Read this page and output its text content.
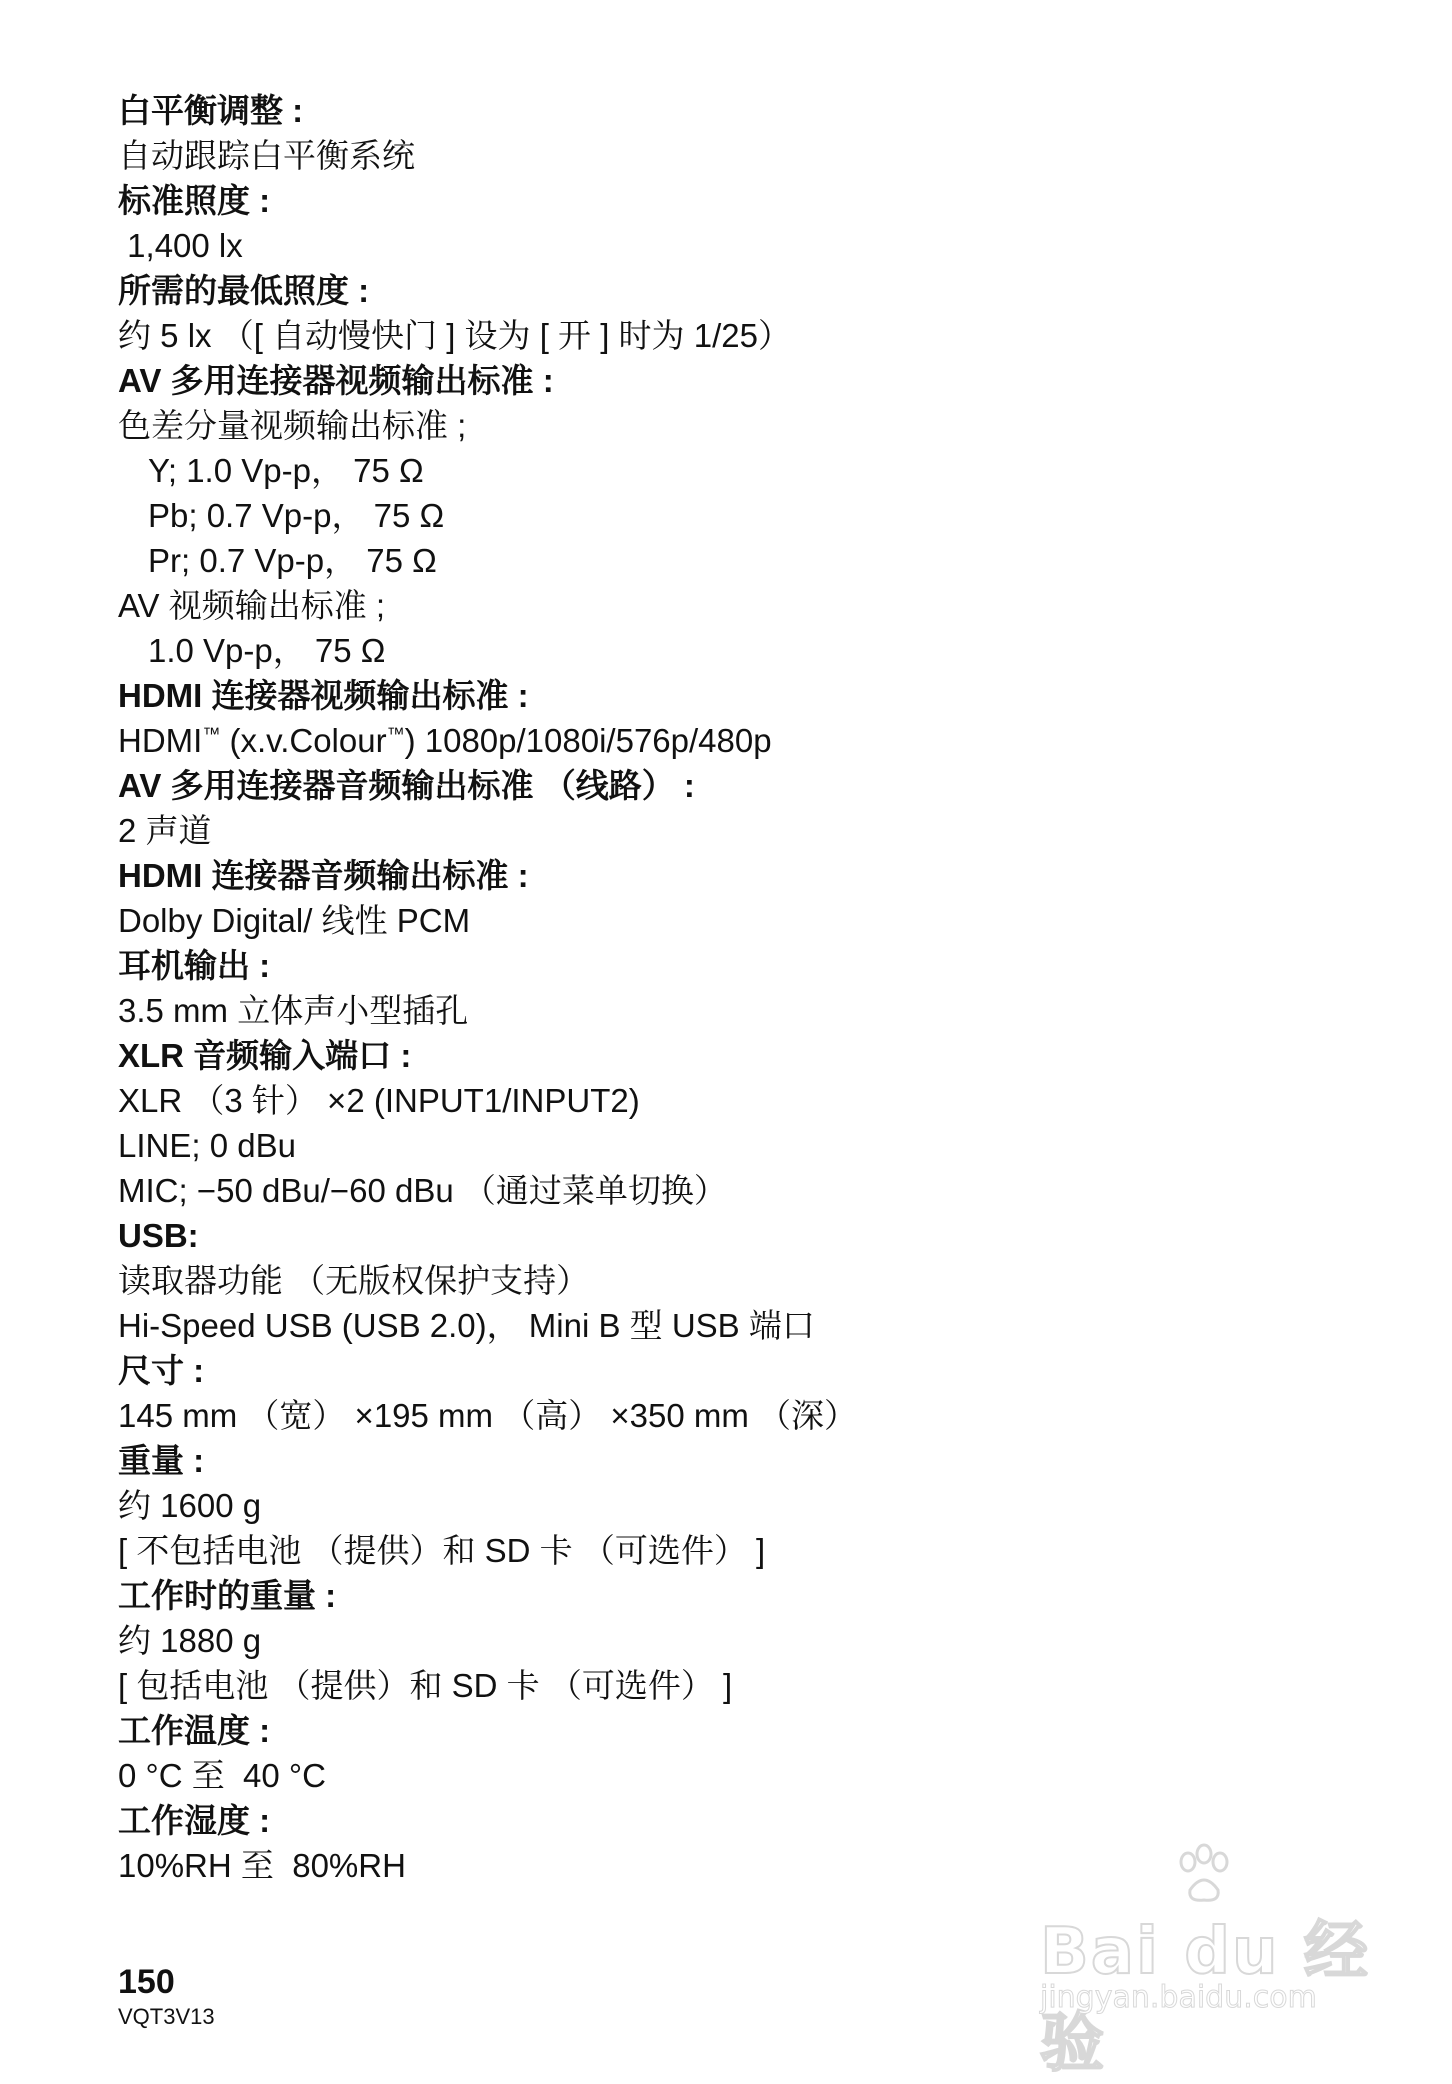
白平衡调整 :
自动跟踪白平衡系统
标准照度 :
1,400 lx
所需的最低照度 :
约 5 lx （[ 自动慢快门 ] 设为 [ 开 ] 时为 1/25）
AV 多用连接器视频输出标准 :
色差分量视频输出标准 ;
Y; 1.0 Vp-p， 75 Ω
Pb; 0.7 Vp-p， 75 Ω
Pr; 0.7 Vp-p， 75 Ω
AV 视频输出标准 ;
1.0 Vp-p， 75 Ω
HDMI 连接器视频输出标准 :
HDMI™ (x.v.Colour™) 1080p/1080i/576p/480p
AV 多用连接器音频输出标准 （线路） :
2 声道
HDMI 连接器音频输出标准 :
Dolby Digital/ 线性 PCM
耳机输出 :
3.5 mm 立体声小型插孔
XLR 音频输入端口 :
XLR （3 针） ×2 (INPUT1/INPUT2)
LINE; 0 dBu
MIC; −50 dBu/−60 dBu （通过菜单切换）
USB:
读取器功能 （无版权保护支持）
Hi-Speed USB (USB 2.0)， Mini B 型 USB 端口
尺寸 :
145 mm （宽） ×195 mm （高） ×350 mm （深）
重量 :
约 1600 g
[ 不包括电池 （提供）和 SD 卡 （可选件） ]
工作时的重量 :
约 1880 g
[ 包括电池 （提供）和 SD 卡 （可选件） ]
工作温度 :
0 °C 至  40 °C
工作湿度 :
10%RH 至  80%RH
150
VQT3V13
Bai du 经验
jingyan.baidu.com
